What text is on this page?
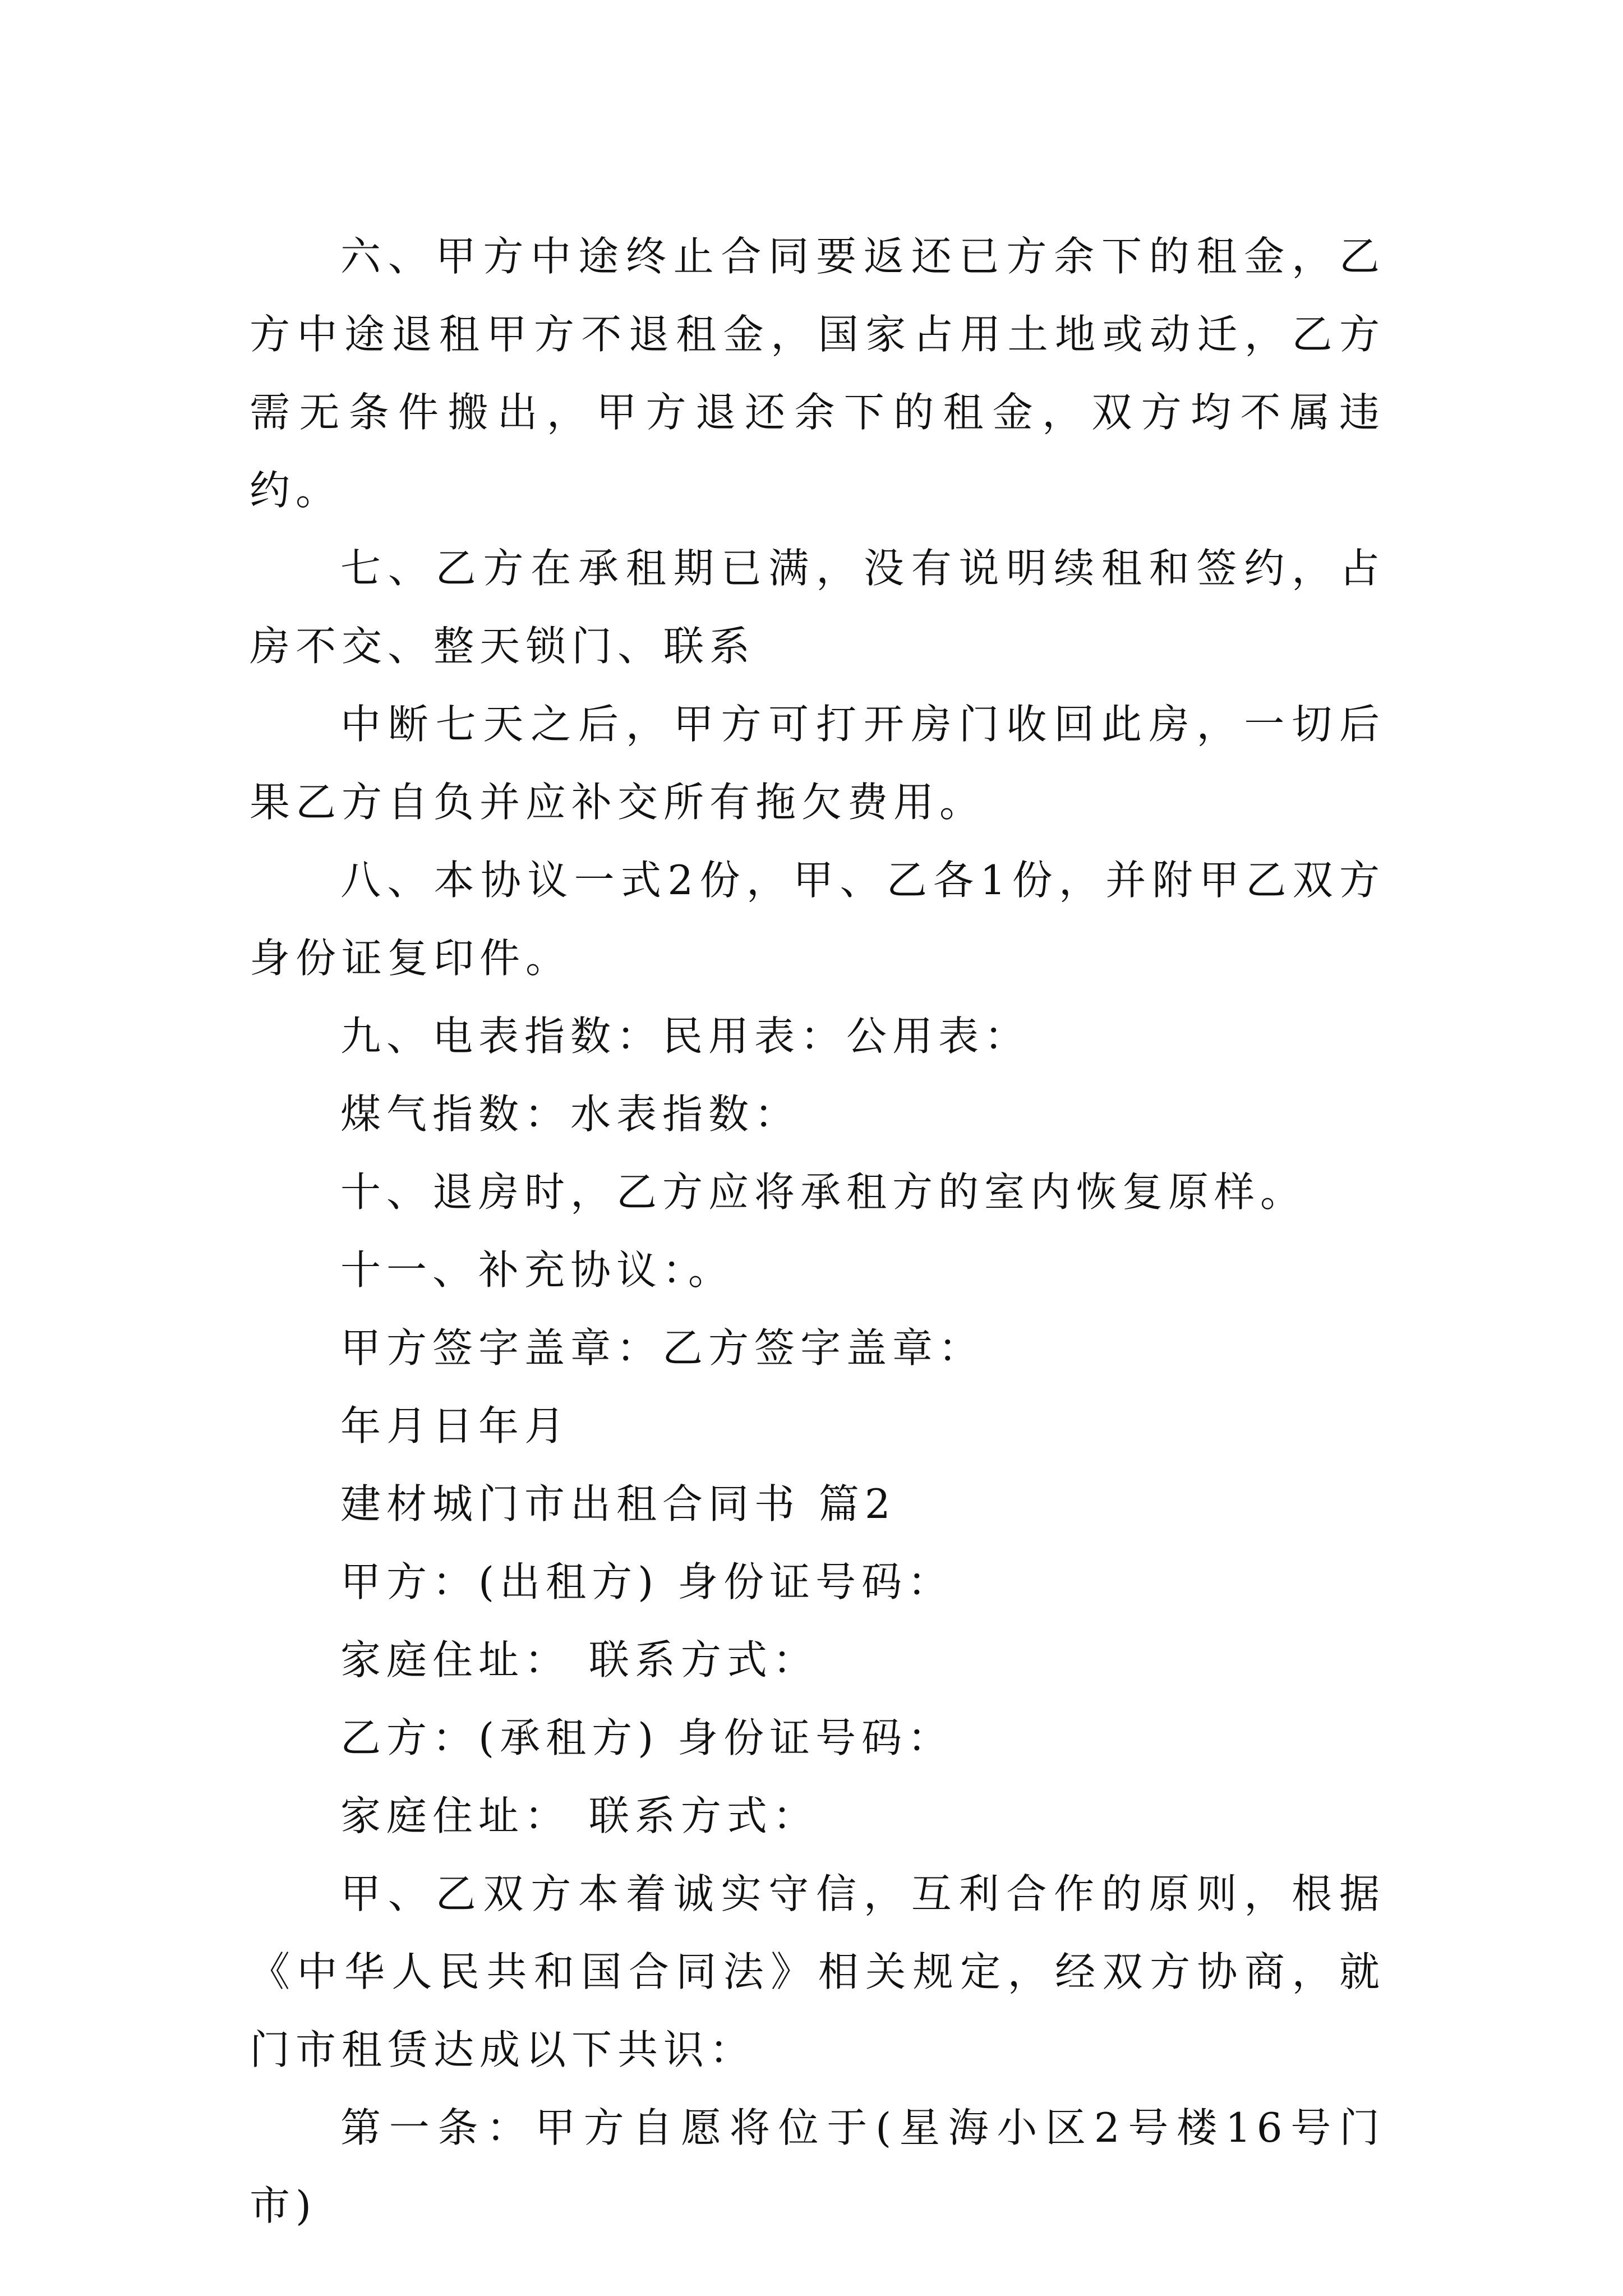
六、甲方中途终止合同要返还已方余下的租金，乙方中途退租甲方不退租金，国家占用土地或动迁，乙方需无条件搬出，甲方退还余下的租金，双方均不属违约。

七、乙方在承租期已满，没有说明续租和签约，占房不交、整天锁门、联系

中断七天之后，甲方可打开房门收回此房，一切后果乙方自负并应补交所有拖欠费用。

八、本协议一式2份，甲、乙各1份，并附甲乙双方身份证复印件。

九、电表指数：民用表：公用表：

煤气指数：水表指数：

十、退房时，乙方应将承租方的室内恢复原样。

十一、补充协议：。

甲方签字盖章：乙方签字盖章：

年月日年月

建材城门市出租合同书 篇2

甲方：(出租方) 身份证号码：

家庭住址： 联系方式：

乙方：(承租方) 身份证号码：

家庭住址： 联系方式：

甲、乙双方本着诚实守信，互利合作的原则，根据《中华人民共和国合同法》相关规定，经双方协商，就门市租赁达成以下共识：

第一条：甲方自愿将位于(星海小区2号楼16号门市)
